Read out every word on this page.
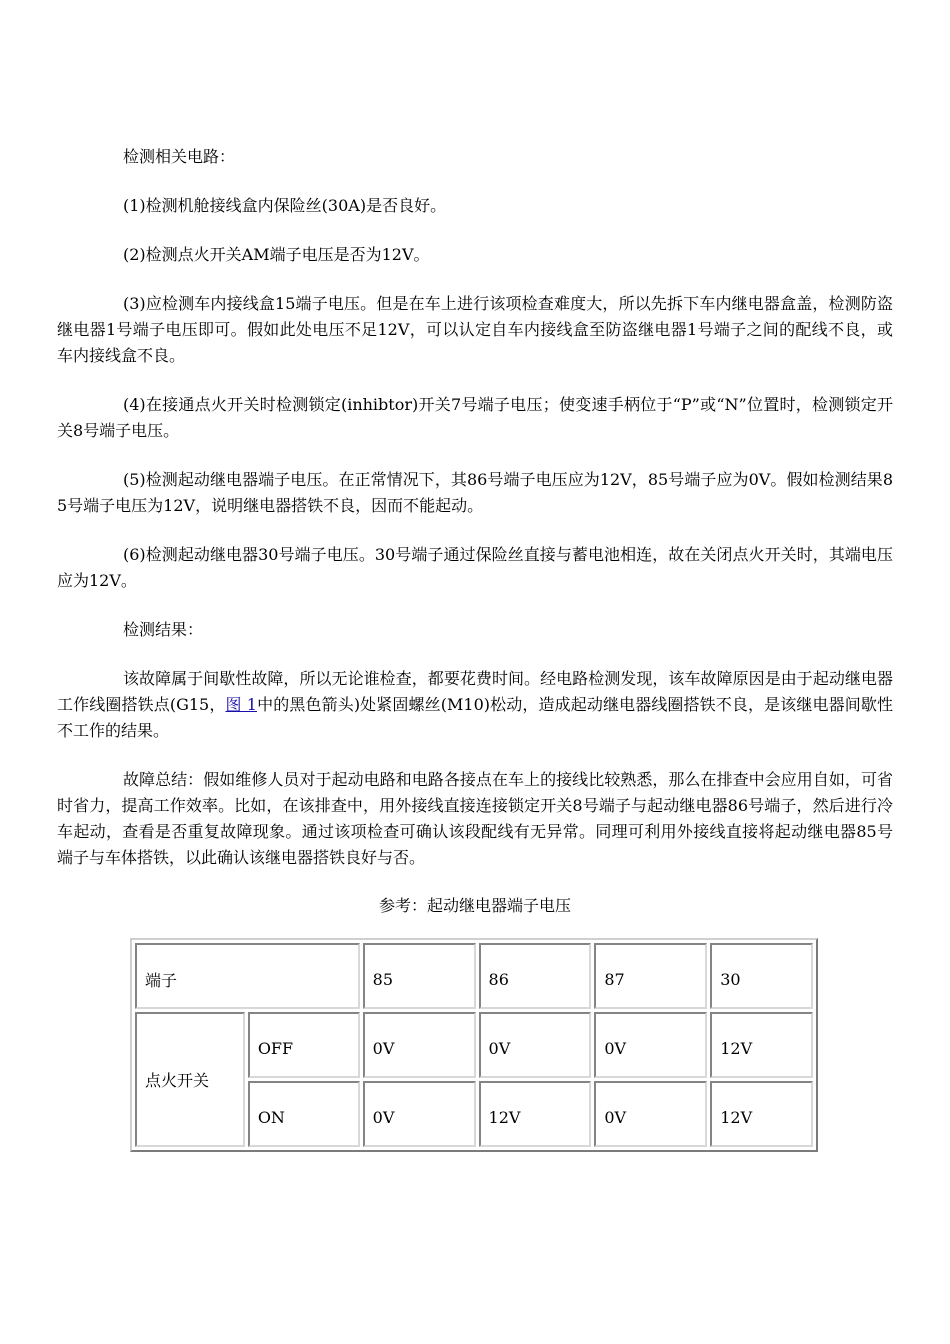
检测相关电路：

(1)检测机舱接线盒内保险丝(30A)是否良好。

(2)检测点火开关AM端子电压是否为12V。

(3)应检测车内接线盒15端子电压。但是在车上进行该项检查难度大，所以先拆下车内继电器盒盖，检测防盗继电器1号端子电压即可。假如此处电压不足12V，可以认定自车内接线盒至防盗继电器1号端子之间的配线不良，或车内接线盒不良。

(4)在接通点火开关时检测锁定(inhibtor)开关7号端子电压；使变速手柄位于“P”或“N”位置时，检测锁定开关8号端子电压。

(5)检测起动继电器端子电压。在正常情况下，其86号端子电压应为12V，85号端子应为0V。假如检测结果85号端子电压为12V，说明继电器搭铁不良，因而不能起动。

(6)检测起动继电器30号端子电压。30号端子通过保险丝直接与蓄电池相连，故在关闭点火开关时，其端电压应为12V。

检测结果：

该故障属于间歇性故障，所以无论谁检查，都要花费时间。经电路检测发现，该车故障原因是由于起动继电器工作线圈搭铁点(G15，图 1中的黑色箭头)处紧固螺丝(M10)松动，造成起动继电器线圈搭铁不良，是该继电器间歇性不工作的结果。

故障总结：假如维修人员对于起动电路和电路各接点在车上的接线比较熟悉，那么在排查中会应用自如，可省时省力，提高工作效率。比如，在该排查中，用外接线直接连接锁定开关8号端子与起动继电器86号端子，然后进行冷车起动，查看是否重复故障现象。通过该项检查可确认该段配线有无异常。同理可利用外接线直接将起动继电器85号端子与车体搭铁，以此确认该继电器搭铁良好与否。

参考：起动继电器端子电压
端子		85	86	87	30
点火开关	OFF	0V	0V	0V	12V
	ON	0V	12V	0V	12V
